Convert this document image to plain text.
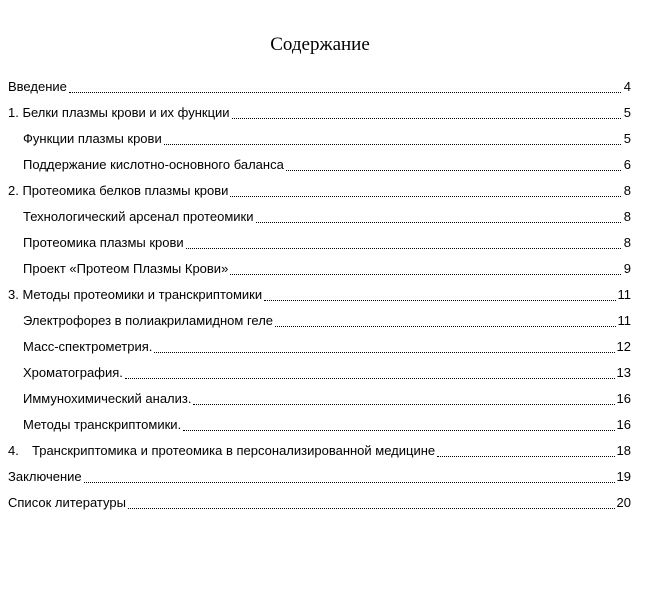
Содержание
Введение	4
1. Белки плазмы крови и их функции	5
Функции плазмы крови	5
Поддержание кислотно-основного баланса	6
2. Протеомика белков плазмы крови	8
Технологический арсенал протеомики	8
Протеомика плазмы крови	8
Проект «Протеом Плазмы Крови»	9
3. Методы протеомики и транскриптомики	11
Электрофорез в полиакриламидном геле	11
Масс-спектрометрия.	12
Хроматография.	13
Иммунохимический анализ.	16
Методы транскриптомики.	16
4. Транскриптомика и протеомика в персонализированной медицине	18
Заключение	19
Список литературы	20
